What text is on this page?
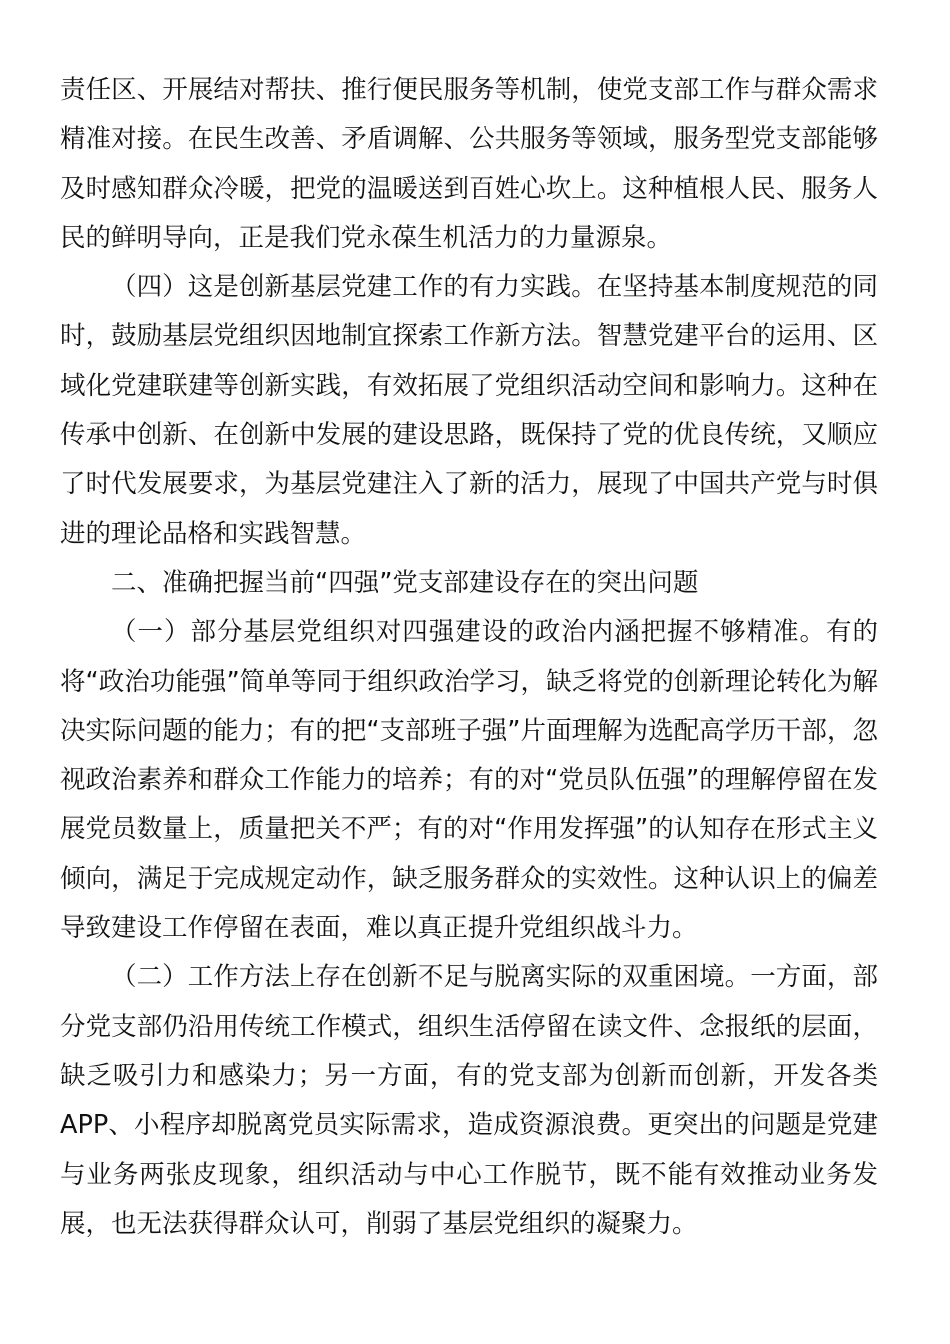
责任区、开展结对帮扶、推行便民服务等机制，使党支部工作与群众需求精准对接。在民生改善、矛盾调解、公共服务等领域，服务型党支部能够及时感知群众冷暖，把党的温暖送到百姓心坎上。这种植根人民、服务人民的鲜明导向，正是我们党永葆生机活力的力量源泉。

（四）这是创新基层党建工作的有力实践。在坚持基本制度规范的同时，鼓励基层党组织因地制宜探索工作新方法。智慧党建平台的运用、区域化党建联建等创新实践，有效拓展了党组织活动空间和影响力。这种在传承中创新、在创新中发展的建设思路，既保持了党的优良传统，又顺应了时代发展要求，为基层党建注入了新的活力，展现了中国共产党与时俱进的理论品格和实践智慧。

二、准确把握当前“四强”党支部建设存在的突出问题

（一）部分基层党组织对四强建设的政治内涵把握不够精准。有的将“政治功能强”简单等同于组织政治学习，缺乏将党的创新理论转化为解决实际问题的能力；有的把“支部班子强”片面理解为选配高学历干部，忽视政治素养和群众工作能力的培养；有的对“党员队伍强”的理解停留在发展党员数量上，质量把关不严；有的对“作用发挥强”的认知存在形式主义倾向，满足于完成规定动作，缺乏服务群众的实效性。这种认识上的偏差导致建设工作停留在表面，难以真正提升党组织战斗力。

（二）工作方法上存在创新不足与脱离实际的双重困境。一方面，部分党支部仍沿用传统工作模式，组织生活停留在读文件、念报纸的层面，缺乏吸引力和感染力；另一方面，有的党支部为创新而创新，开发各类 APP、小程序却脱离党员实际需求，造成资源浪费。更突出的问题是党建与业务两张皮现象，组织活动与中心工作脱节，既不能有效推动业务发展，也无法获得群众认可，削弱了基层党组织的凝聚力。
